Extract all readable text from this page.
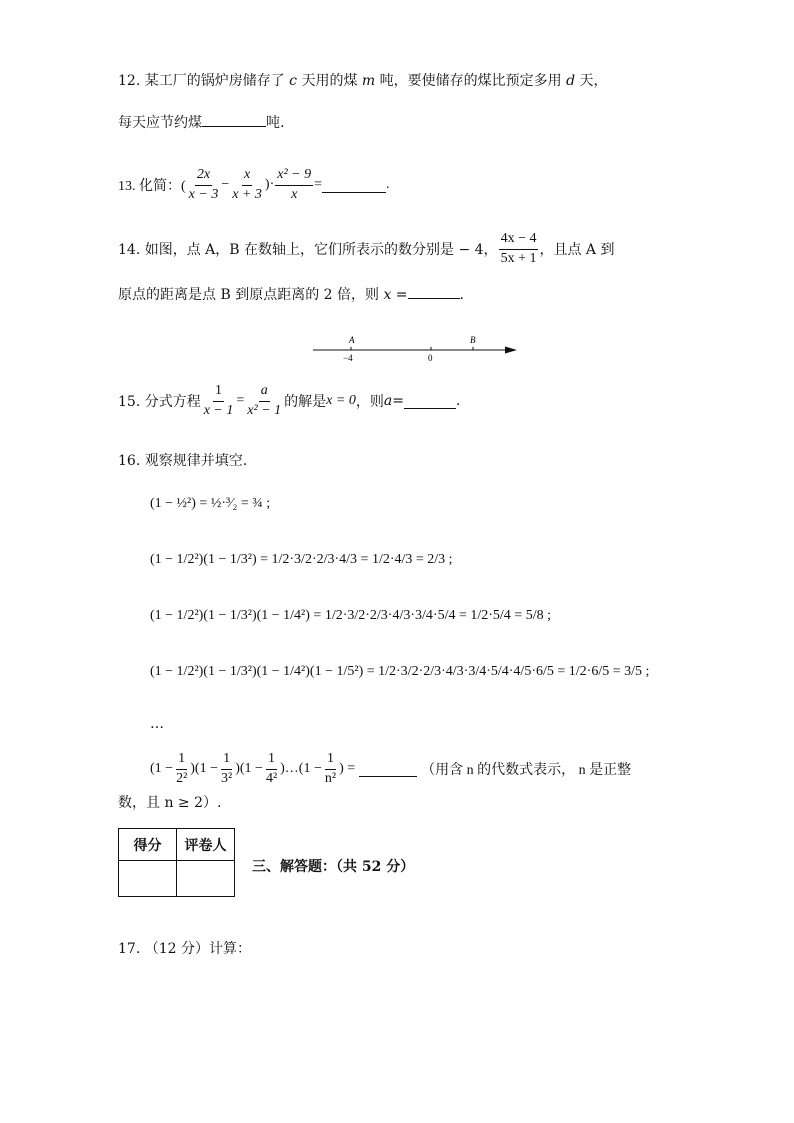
12. 某工厂的锅炉房储存了 c 天用的煤 m 吨，要使储存的煤比预定多用 d 天，
每天应节约煤	吨.
13. 化简：( $\frac{2x}{x - 3} - \frac{x}{x + 3}$ )· $\frac{\text{x² − 9}}{x}$ =	.
14. 如图，点 A，B 在数轴上，它们所表示的数分别是 − 4， $\frac{4x - 4}{5x + 1}$ ，且点 A 到
原点的距离是点 B 到原点距离的 2 倍，则 x =	.
A	B
−4	0
15. 分式方程 $\frac{1}{x - 1} = \frac{a}{\text{x² − 1}}$ 的解是 x = 0 ，则 a =	.
16. 观察规律并填空.
(1 − ½²) = ½·³⁄₂ = ¾ ;
(1 − 1/2²)(1 − 1/3²) = 1/2·3/2·2/3·4/3 = 1/2·4/3 = 2/3 ;
(1 − 1/2²)(1 − 1/3²)(1 − 1/4²) = 1/2·3/2·2/3·4/3·3/4·5/4 = 1/2·5/4 = 5/8 ;
(1 − 1/2²)(1 − 1/3²)(1 − 1/4²)(1 − 1/5²) = 1/2·3/2·2/3·4/3·3/4·5/4·4/5·6/5 = 1/2·6/5 = 3/5 ;
…
$(1 - \frac{1}{\text{2²}} )(1 - \frac{1}{\text{3²}} )(1 - \frac{1}{\text{4²}}$ )…(1 − $\frac{1}{\text{n²}}$ ) =	（用含 n 的代数式表示， n 是正整
数，且 n ≥ 2）.
得分	评卷人

三、解答题：（共 52 分）
17. （12 分）计算：
